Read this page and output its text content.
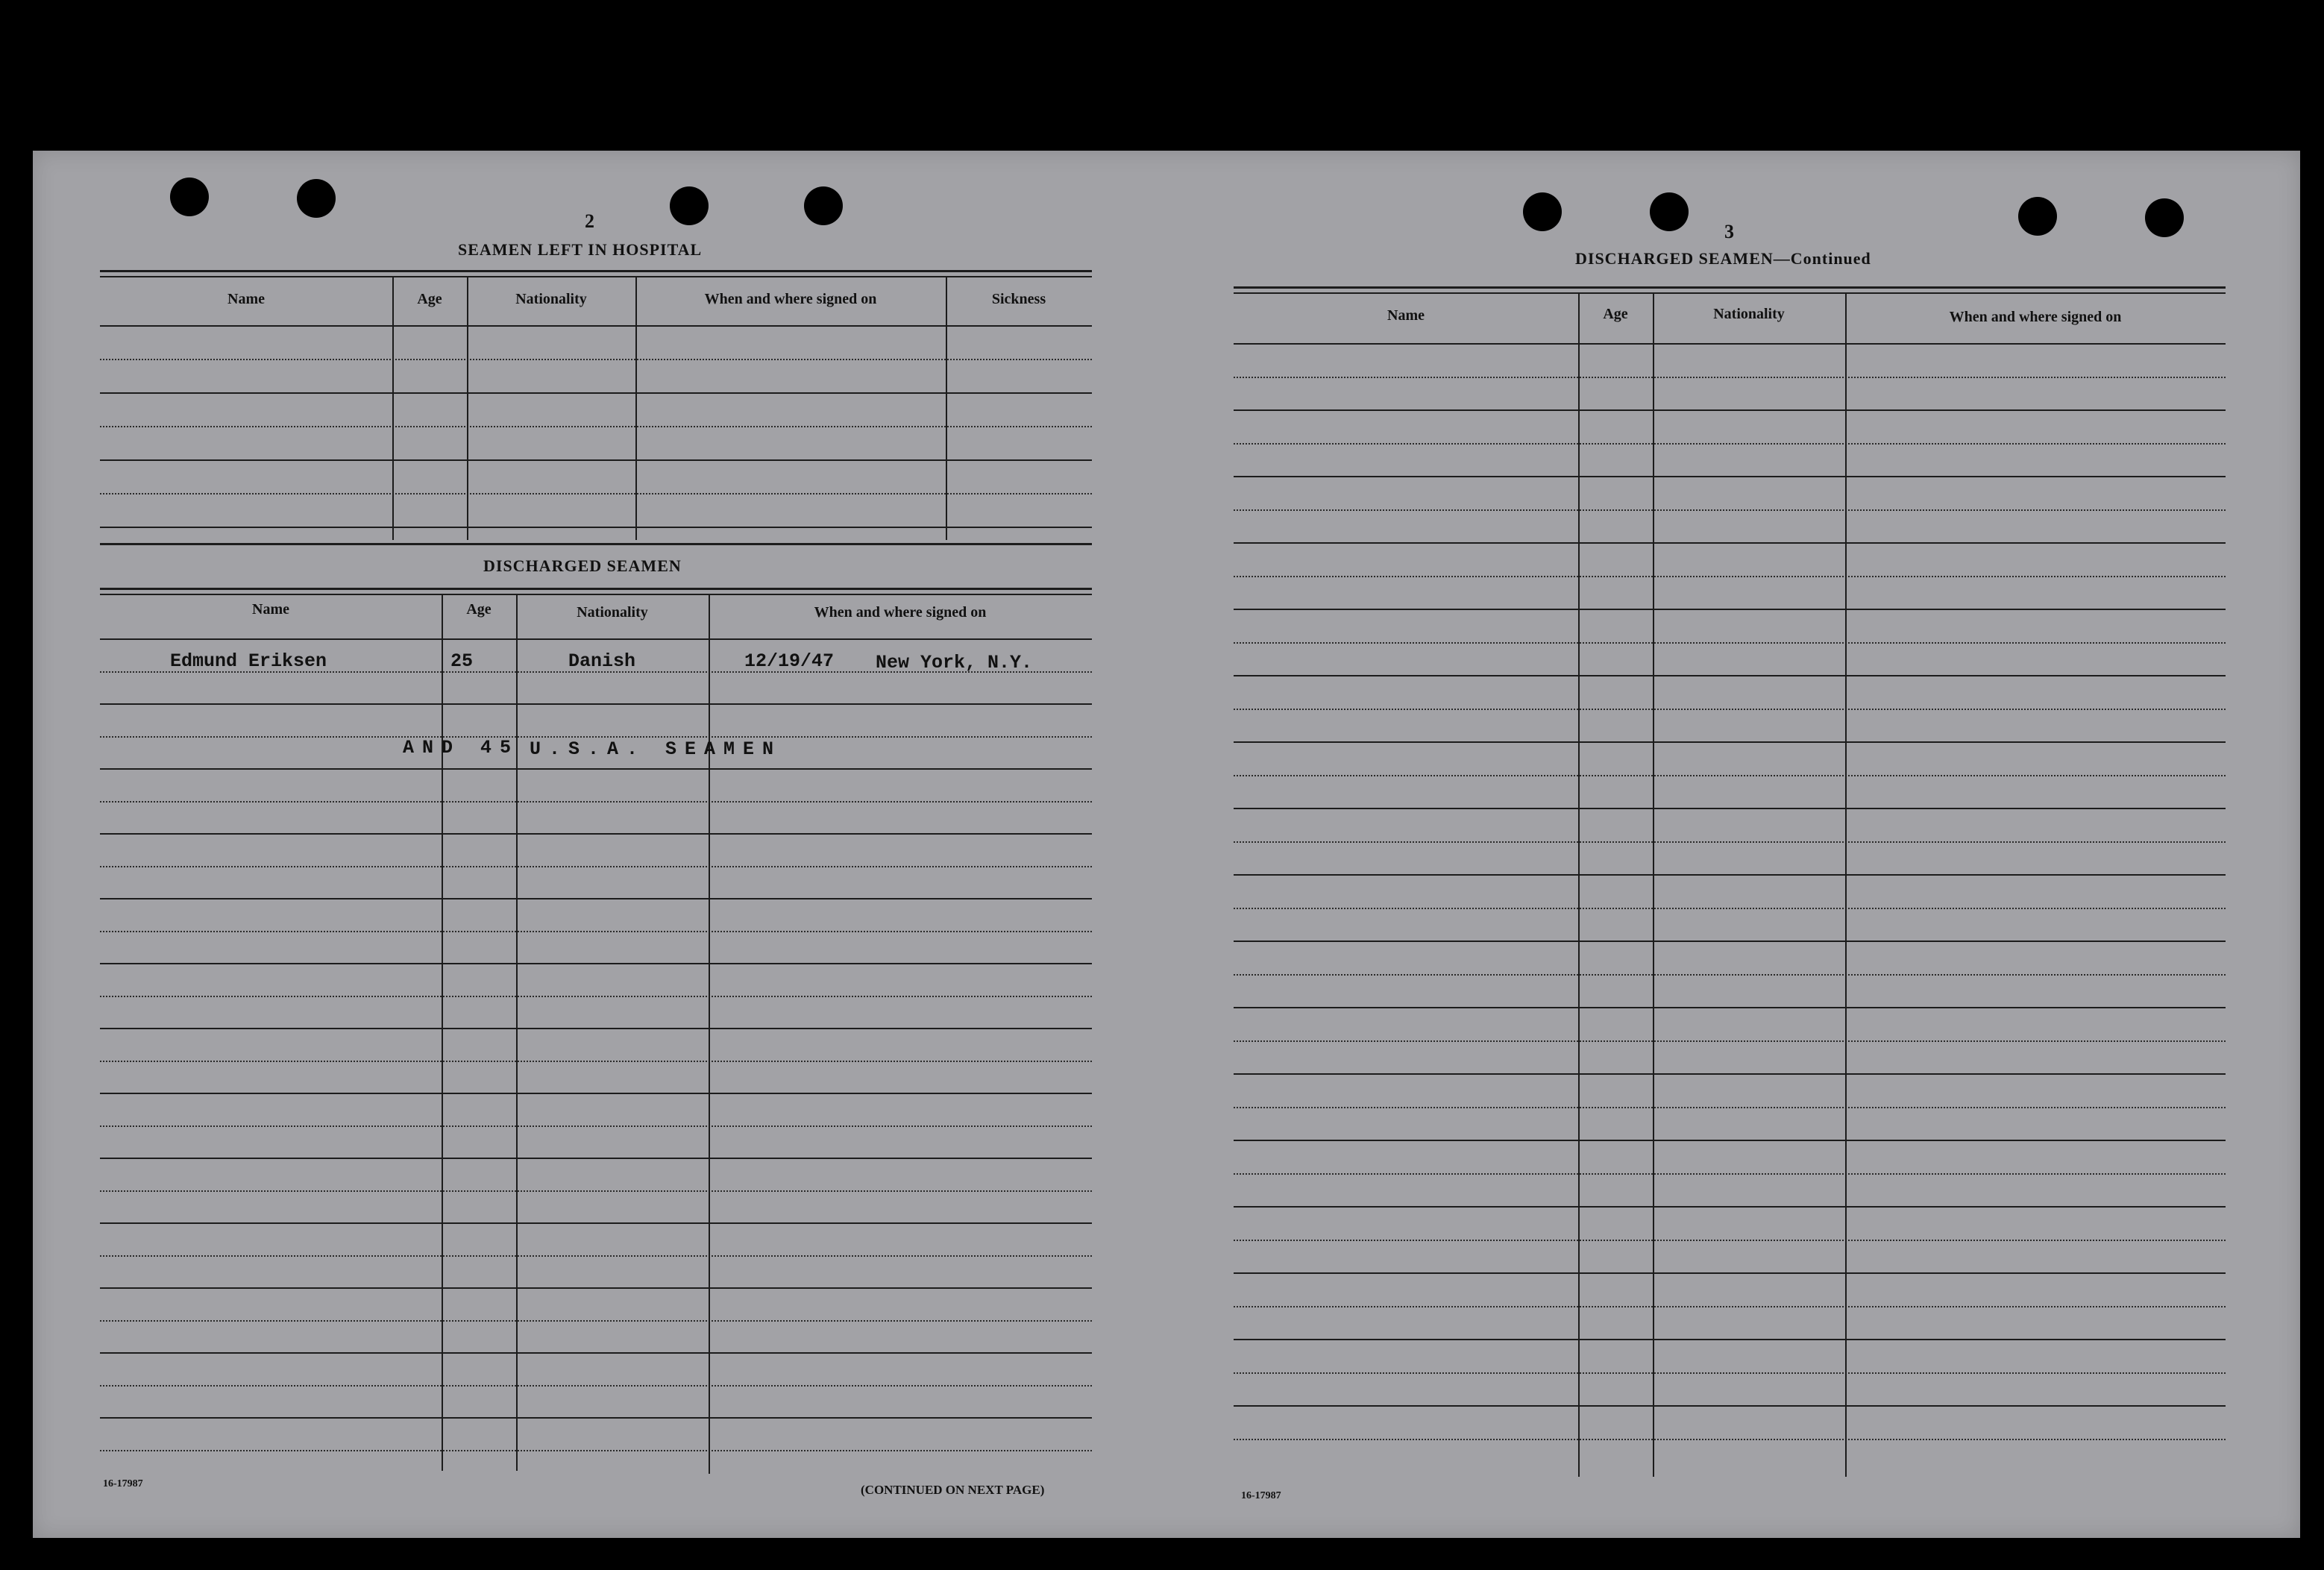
2
SEAMEN LEFT IN HOSPITAL
Name	Age	Nationality	When and where signed on	Sickness
DISCHARGED SEAMEN
Name	Age	Nationality	When and where signed on
Edmund Eriksen	25	Danish	12/19/47 New York, N.Y.
AND 45 U.S.A. SEAMEN
16-17987	(CONTINUED ON NEXT PAGE)
3
DISCHARGED SEAMEN—Continued
Name	Age	Nationality	When and where signed on
16-17987
